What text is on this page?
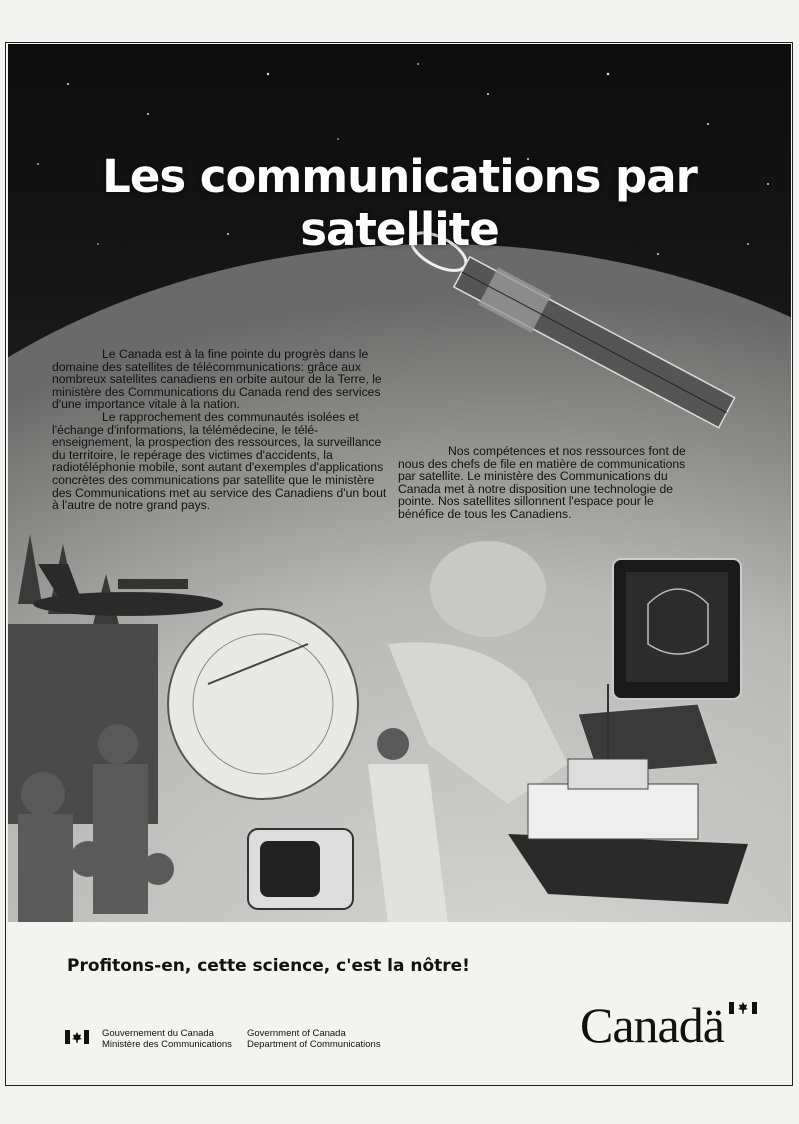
Les communications par satellite

Le Canada est à la fine pointe du progrès dans le domaine des satellites de télécommunications: grâce aux nombreux satellites canadiens en orbite autour de la Terre, le ministère des Communications du Canada rend des services d'une importance vitale à la nation.

Le rapprochement des communautés isolées et l'échange d'informations, la télémédecine, le télé-enseignement, la prospection des ressources, la surveillance du territoire, le repérage des victimes d'accidents, la radiotéléphonie mobile, sont autant d'exemples d'applications concrètes des communications par satellite que le ministère des Communications met au service des Canadiens d'un bout à l'autre de notre grand pays.

Nos compétences et nos ressources font de nous des chefs de file en matière de communications par satellite. Le ministère des Communications du Canada met à notre disposition une technologie de pointe. Nos satellites sillonnent l'espace pour le bénéfice de tous les Canadiens.

Profitons-en, cette science, c'est la nôtre!
Gouvernement du Canada
Ministère des Communications
Government of Canada
Department of Communications	Canadä
